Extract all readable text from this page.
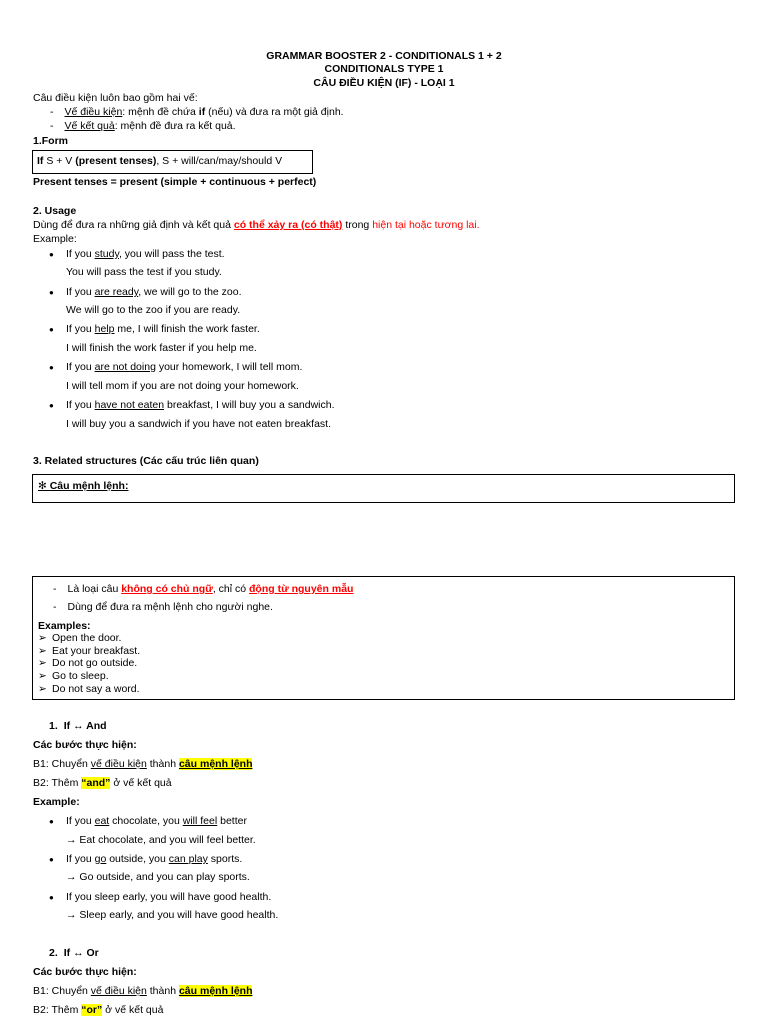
GRAMMAR BOOSTER 2 - CONDITIONALS 1 + 2
CONDITIONALS TYPE 1
CÂU ĐIỀU KIỆN (IF) - LOẠI 1
Câu điều kiện luôn bao gồm hai vế:
- Vế điều kiện: mệnh đề chứa if (nếu) và đưa ra một giả định.
- Vế kết quả: mệnh đề đưa ra kết quả.
1.Form
If S + V (present tenses), S + will/can/may/should V
Present tenses = present (simple + continuous + perfect)
2. Usage
Dùng để đưa ra những giả định và kết quả có thể xảy ra (có thật) trong hiện tại hoặc tương lai.
Example:
● If you study, you will pass the test.
You will pass the test if you study.
● If you are ready, we will go to the zoo.
We will go to the zoo if you are ready.
● If you help me, I will finish the work faster.
I will finish the work faster if you help me.
● If you are not doing your homework, I will tell mom.
I will tell mom if you are not doing your homework.
● If you have not eaten breakfast, I will buy you a sandwich.
I will buy you a sandwich if you have not eaten breakfast.
3. Related structures (Các cấu trúc liên quan)
✻ Câu mệnh lệnh:
- Là loại câu không có chủ ngữ, chỉ có động từ nguyên mẫu
- Dùng để đưa ra mệnh lệnh cho người nghe.
Examples:
➢ Open the door.
➢ Eat your breakfast.
➢ Do not go outside.
➢ Go to sleep.
➢ Do not say a word.
1. If ↔ And
Các bước thực hiện:
B1: Chuyển vế điều kiện thành câu mệnh lệnh
B2: Thêm “and” ở vế kết quả
Example:
● If you eat chocolate, you will feel better
→ Eat chocolate, and you will feel better.
● If you go outside, you can play sports.
→ Go outside, and you can play sports.
● If you sleep early, you will have good health.
→ Sleep early, and you will have good health.
2. If ↔ Or
Các bước thực hiện:
B1: Chuyển vế điều kiện thành câu mệnh lệnh
B2: Thêm “or” ở vế kết quả
